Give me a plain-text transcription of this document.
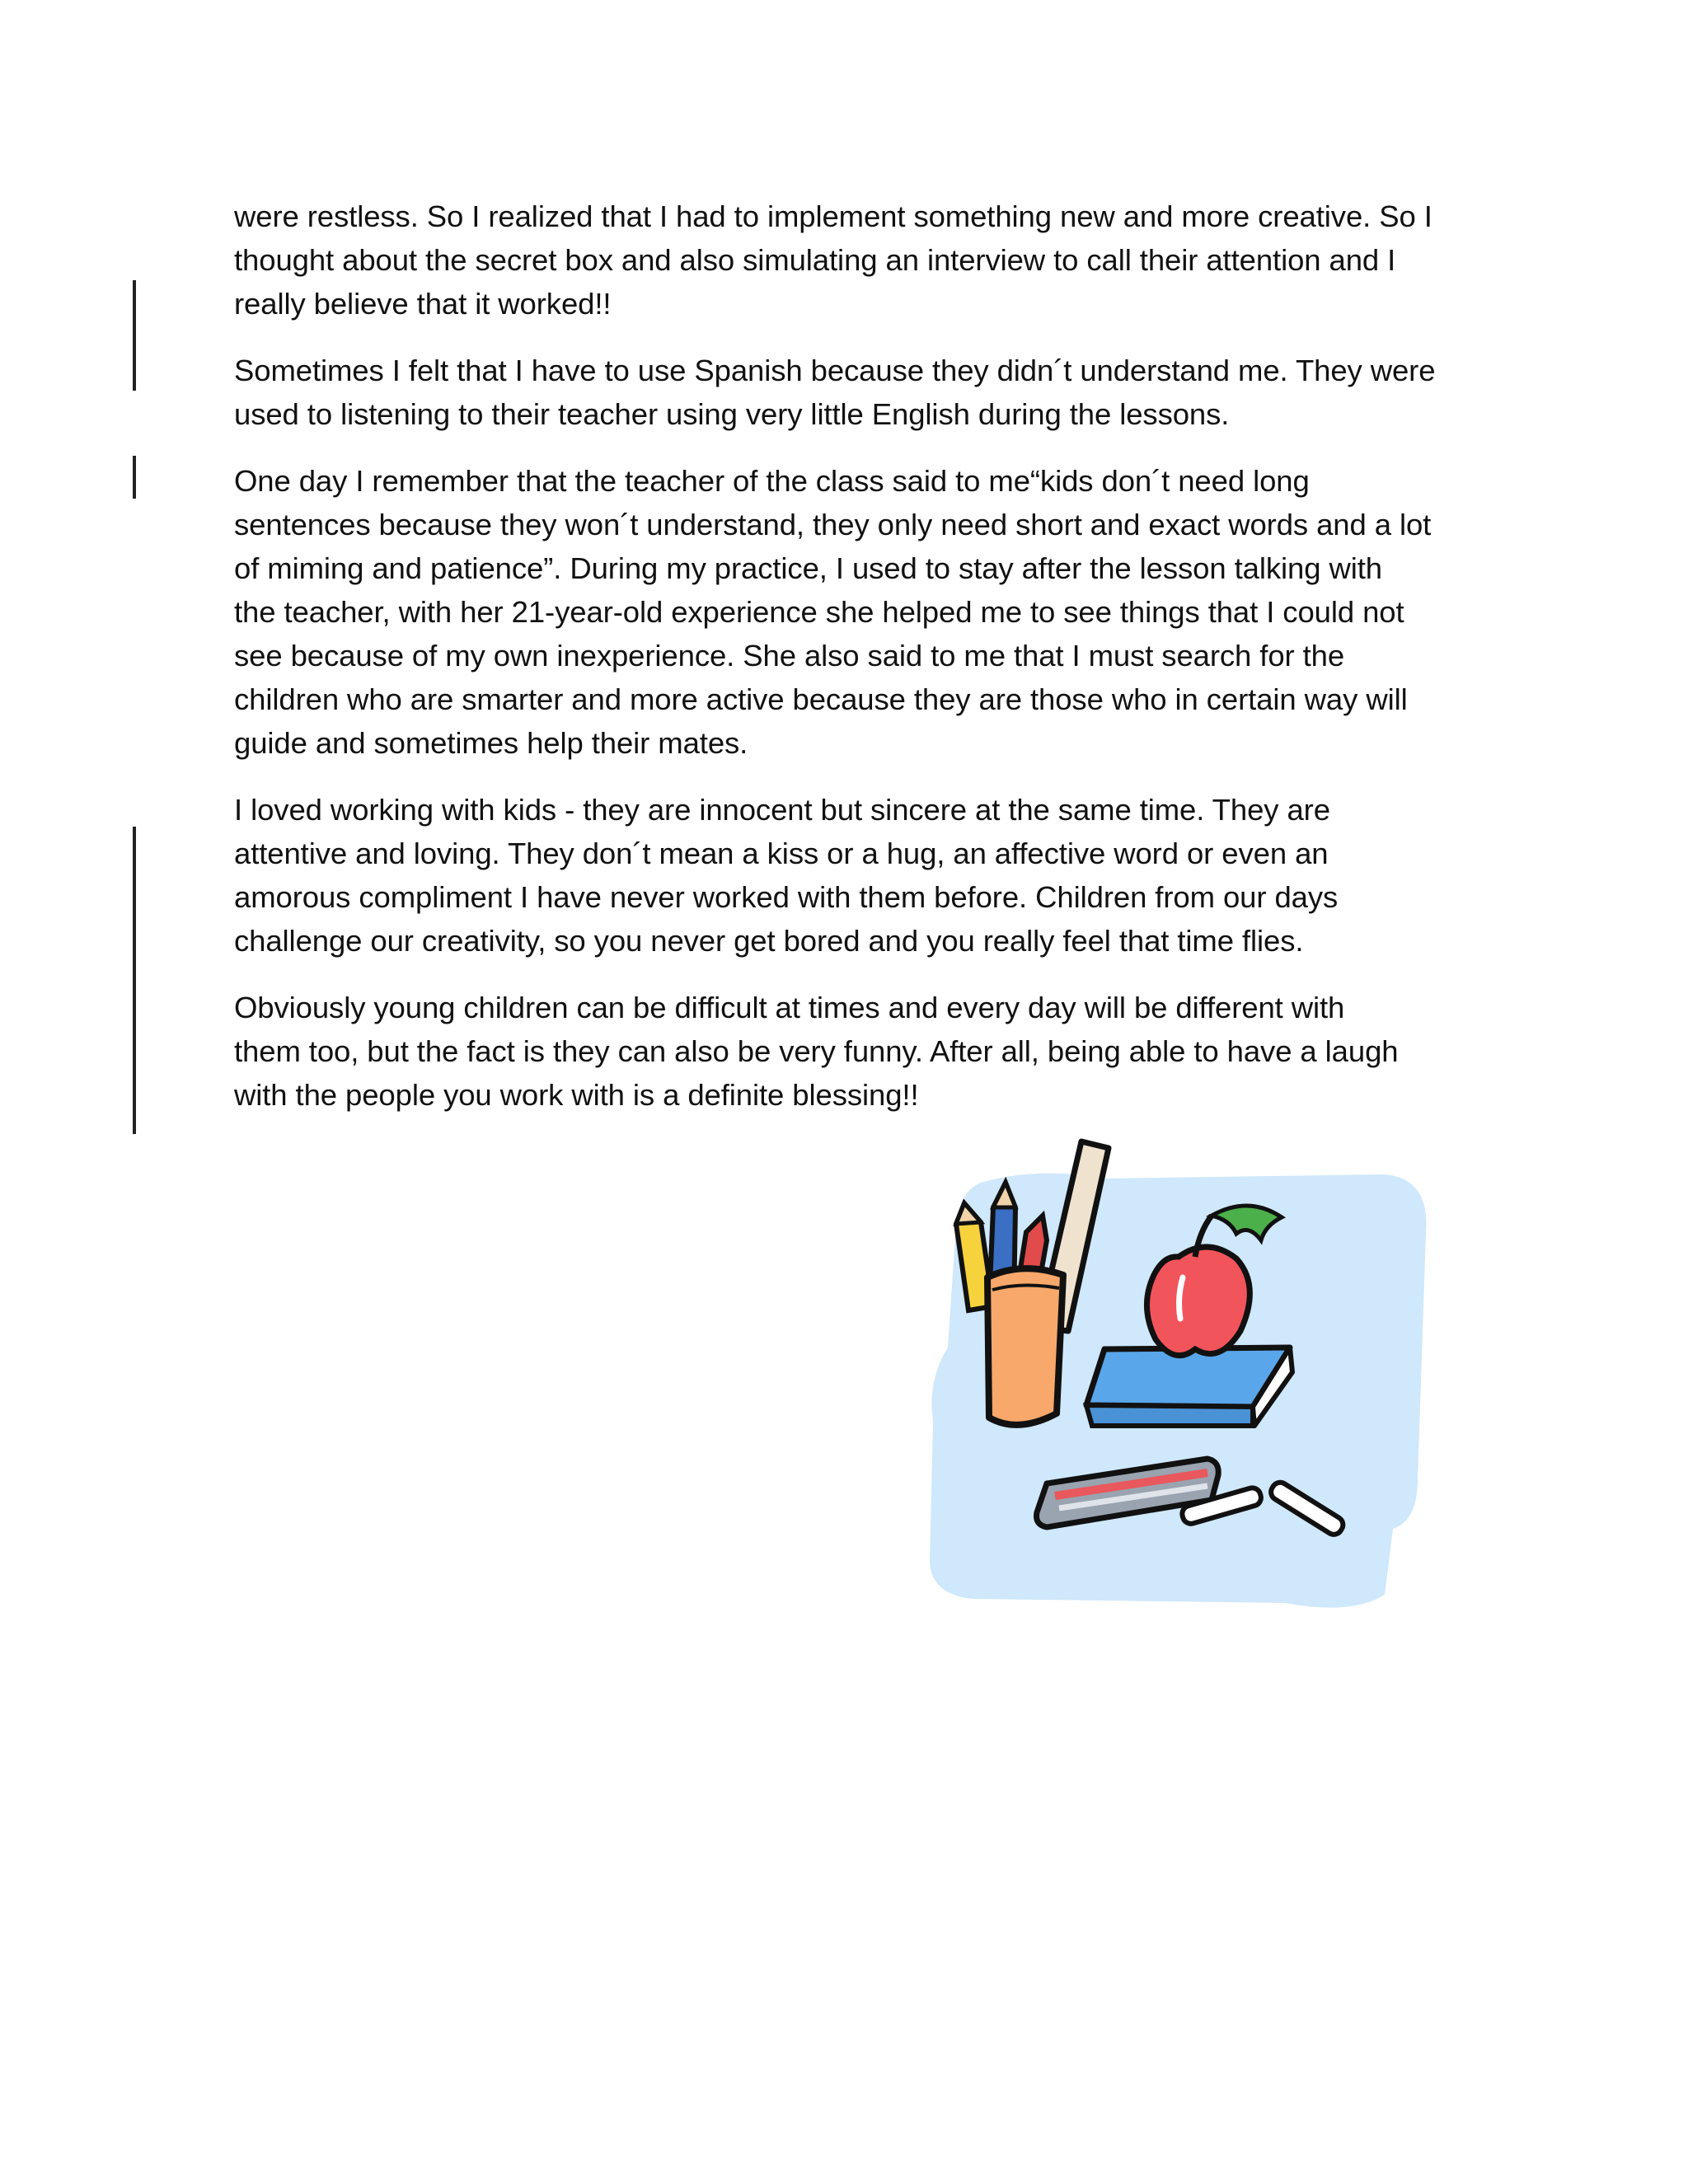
were restless. So I realized that I had to implement something new and more creative. So I
thought about the secret box and also simulating an interview to call their attention and I
really believe that it worked!!

Sometimes I felt that I have to use Spanish because they didn´t understand me. They were
used to listening to their teacher using very little English during the lessons.

One day I remember that the teacher of the class said to me“kids don´t need long
sentences because they won´t understand, they only need short and exact words and a lot
of miming and patience”. During my practice, I used to stay after the lesson talking with
the teacher, with her 21-year-old experience she helped me to see things that I could not
see because of my own inexperience. She also said to me that I must search for the
children who are smarter and more active because they are those who in certain way will
guide and sometimes help their mates.

I loved working with kids - they are innocent but sincere at the same time. They are
attentive and loving. They don´t mean a kiss or a hug, an affective word or even an
amorous compliment I have never worked with them before. Children from our days
challenge our creativity, so you never get bored and you really feel that time flies.

Obviously young children can be difficult at times and every day will be different with
them too, but the fact is they can also be very funny. After all, being able to have a laugh
with the people you work with is a definite blessing!!
